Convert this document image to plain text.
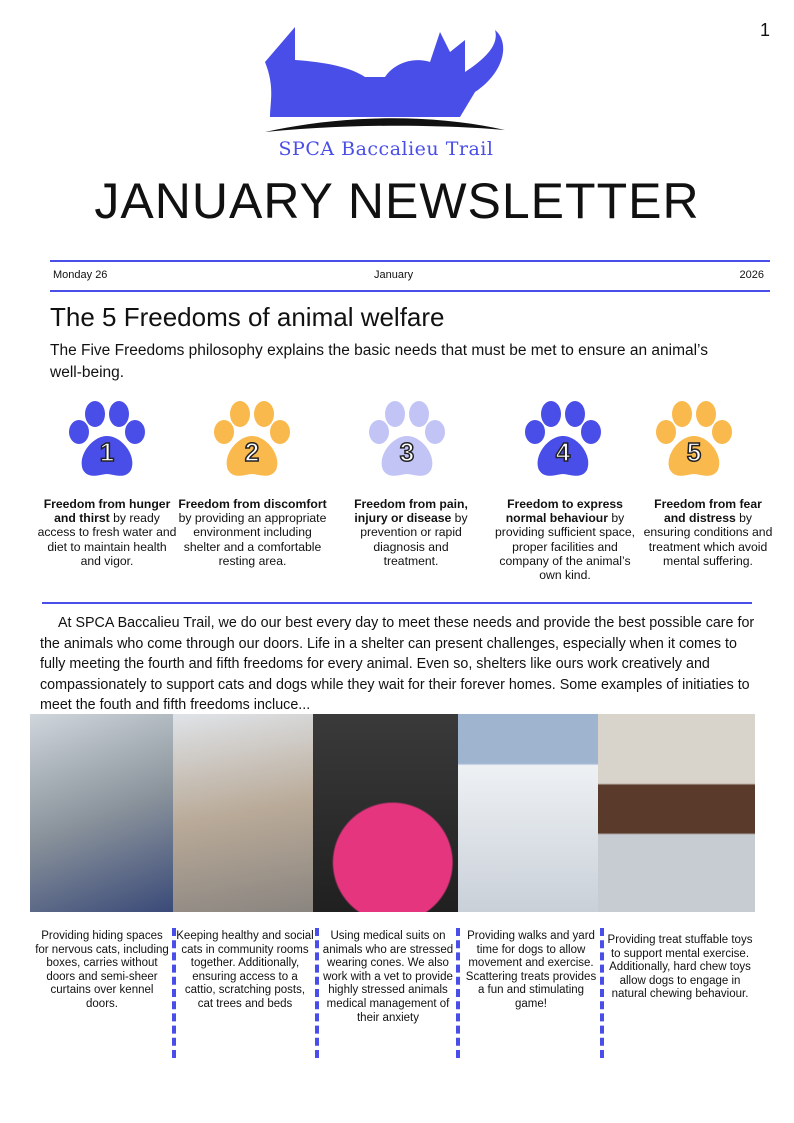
1
SPCA Baccalieu Trail
JANUARY NEWSLETTER
Monday 26	January	2026
The 5 Freedoms of animal welfare
The Five Freedoms philosophy explains the basic needs that must be met to ensure an animal’s well-being.
1
Freedom from hunger and thirst by ready access to fresh water and diet to maintain health and vigor.
2
Freedom from discomfort by providing an appropriate environment including shelter and a comfortable resting area.
3
Freedom from pain, injury or disease by prevention or rapid diagnosis and treatment.
4
Freedom to express normal behaviour by providing sufficient space, proper facilities and company of the animal’s own kind.
5
Freedom from fear and distress by ensuring conditions and treatment which avoid mental suffering.
At SPCA Baccalieu Trail, we do our best every day to meet these needs and provide the best possible care for the animals who come through our doors. Life in a shelter can present challenges, especially when it comes to fully meeting the fourth and fifth freedoms for every animal. Even so, shelters like ours work creatively and compassionately to support cats and dogs while they wait for their forever homes. Some examples of initiaties to meet the fouth and fifth freedoms incluce...
Providing hiding spaces for nervous cats, including boxes, carries without doors and semi-sheer curtains over kennel doors.
Keeping healthy and social cats in community rooms together. Additionally, ensuring access to a cattio, scratching posts, cat trees and beds
Using medical suits on animals who are stressed wearing cones. We also work with a vet to provide highly stressed animals medical management of their anxiety
Providing walks and yard time for dogs to allow movement and exercise. Scattering treats provides a fun and stimulating game!
Providing treat stuffable toys to support mental exercise. Additionally, hard chew toys allow dogs to engage in natural chewing behaviour.
